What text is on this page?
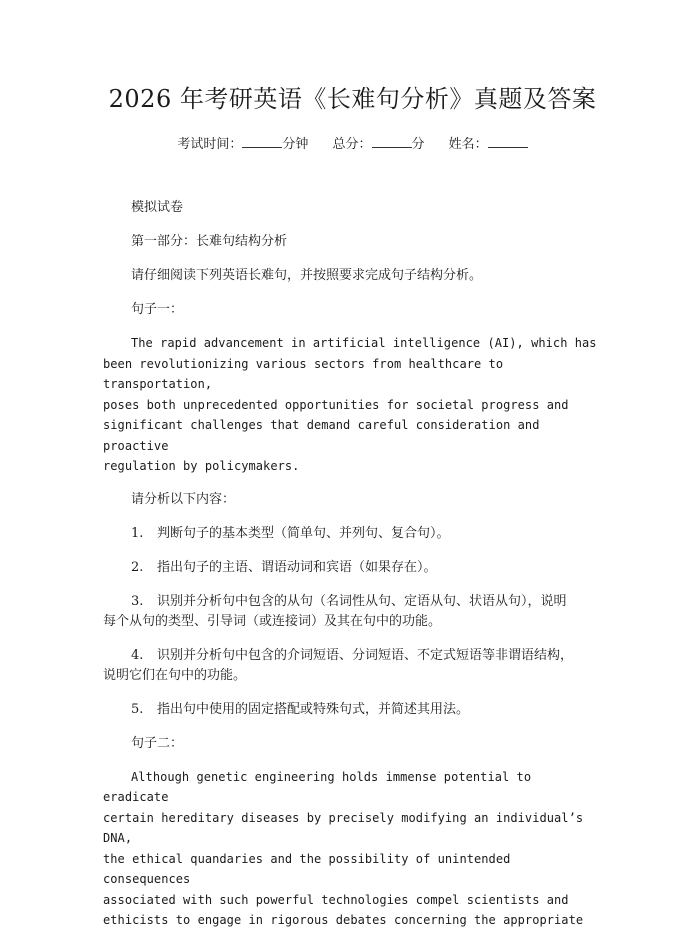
2026 年考研英语《长难句分析》真题及答案
考试时间：	分钟 总分：	分 姓名：

模拟试卷

第一部分：长难句结构分析

请仔细阅读下列英语长难句，并按照要求完成句子结构分析。

句子一：

The rapid advancement in artificial intelligence (AI), which has

been revolutionizing various sectors from healthcare to transportation,

poses both unprecedented opportunities for societal progress and

significant challenges that demand careful consideration and proactive

regulation by policymakers.

请分析以下内容：

1. 判断句子的基本类型（简单句、并列句、复合句）。
2. 指出句子的主语、谓语动词和宾语（如果存在）。
3. 识别并分析句中包含的从句（名词性从句、定语从句、状语从句），说明
每个从句的类型、引导词（或连接词）及其在句中的功能。
4. 识别并分析句中包含的介词短语、分词短语、不定式短语等非谓语结构，
说明它们在句中的功能。
5. 指出句中使用的固定搭配或特殊句式，并简述其用法。

句子二：

Although genetic engineering holds immense potential to eradicate

certain hereditary diseases by precisely modifying an individual’s DNA,

the ethical quandaries and the possibility of unintended consequences

associated with such powerful technologies compel scientists and

ethicists to engage in rigorous debates concerning the appropriate
